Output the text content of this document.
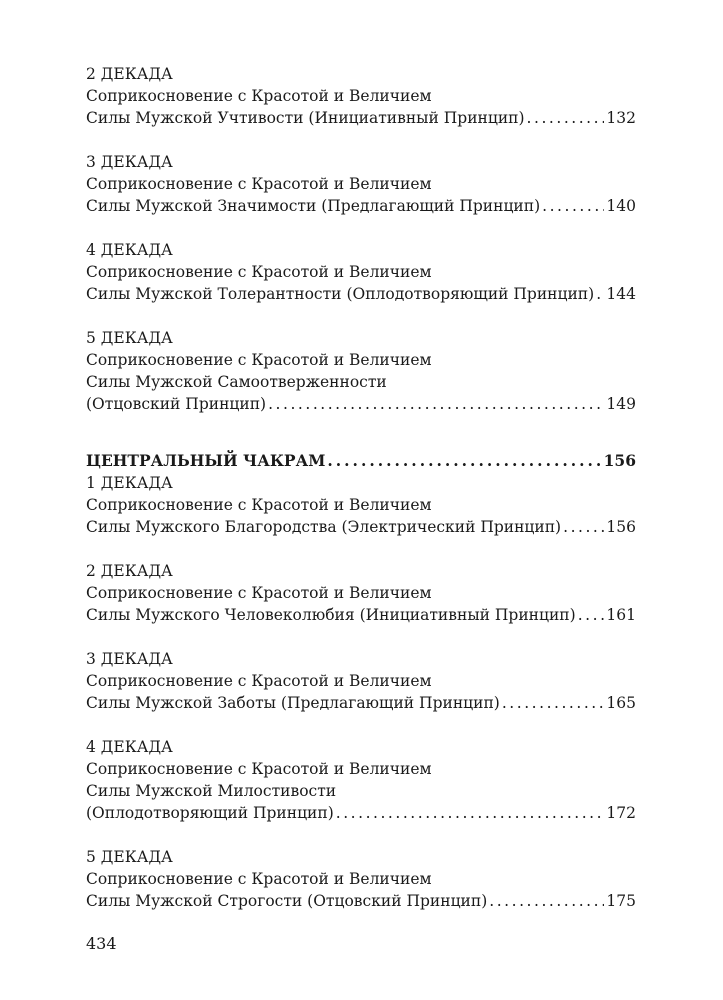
2 ДЕКАДА
Соприкосновение с Красотой и Величием
Силы Мужской Учтивости (Инициативный Принцип) . . .	132
3 ДЕКАДА
Соприкосновение с Красотой и Величием
Силы Мужской Значимости (Предлагающий Принцип) . . .	140
4 ДЕКАДА
Соприкосновение с Красотой и Величием
Силы Мужской Толерантности (Оплодотворяющий Принцип) . . . 144
5 ДЕКАДА
Соприкосновение с Красотой и Величием
Силы Мужской Самоотверженности
(Отцовский Принцип) . . .	149
ЦЕНТРАЛЬНЫЙ ЧАКРАМ . . .	156
1 ДЕКАДА
Соприкосновение с Красотой и Величием
Силы Мужского Благородства (Электрический Принцип) . . .	156
2 ДЕКАДА
Соприкосновение с Красотой и Величием
Силы Мужского Человеколюбия (Инициативный Принцип) . . . 161
3 ДЕКАДА
Соприкосновение с Красотой и Величием
Силы Мужской Заботы (Предлагающий Принцип) . . .	165
4 ДЕКАДА
Соприкосновение с Красотой и Величием
Силы Мужской Милостивости
(Оплодотворяющий Принцип) . . .	172
5 ДЕКАДА
Соприкосновение с Красотой и Величием
Силы Мужской Строгости (Отцовский Принцип) . . .	175
434
